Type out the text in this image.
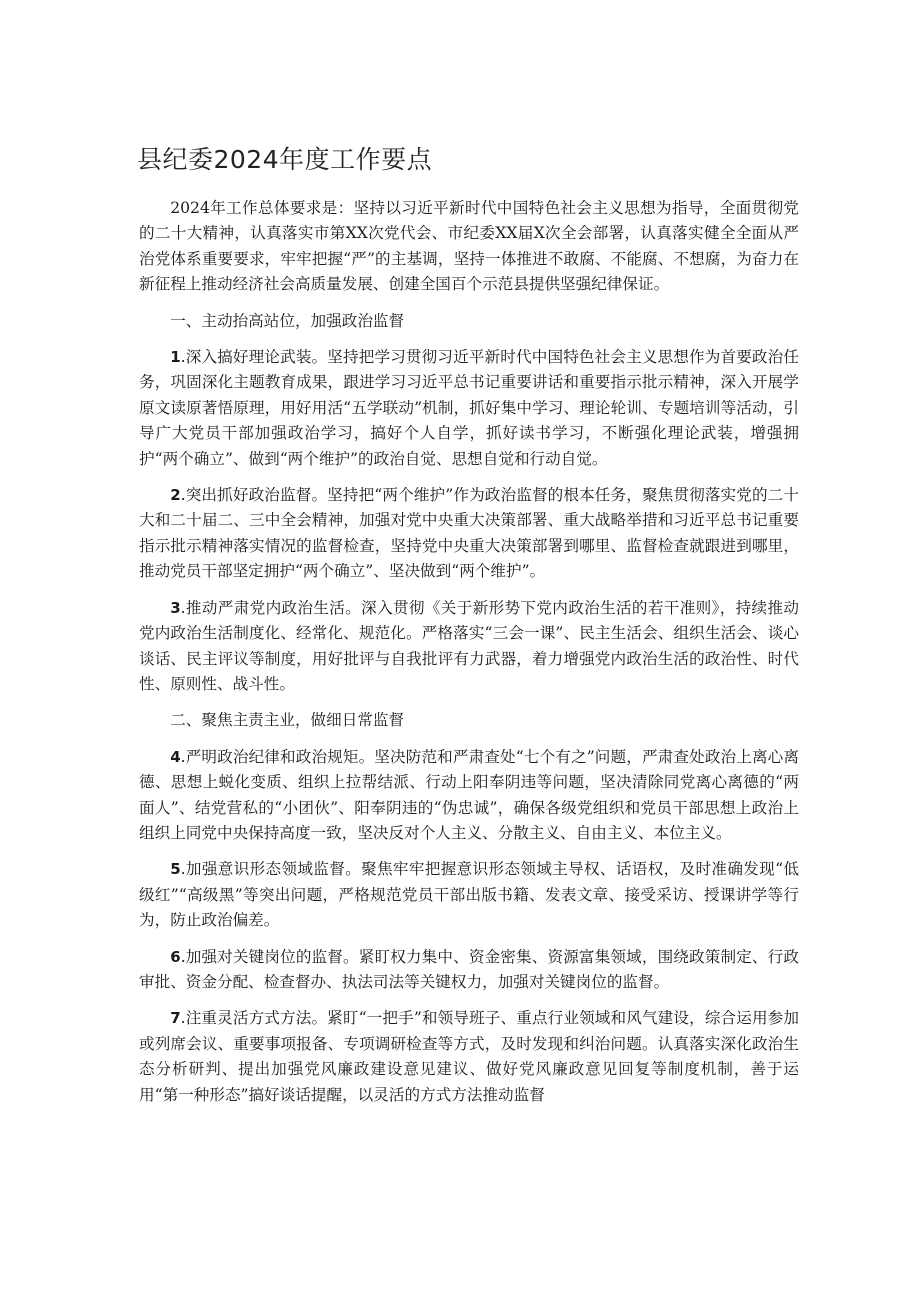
县纪委2024年度工作要点

2024年工作总体要求是：坚持以习近平新时代中国特色社会主义思想为指导，全面贯彻党的二十大精神，认真落实市第XX次党代会、市纪委XX届X次全会部署，认真落实健全全面从严治党体系重要要求，牢牢把握“严”的主基调，坚持一体推进不敢腐、不能腐、不想腐，为奋力在新征程上推动经济社会高质量发展、创建全国百个示范县提供坚强纪律保证。

一、主动抬高站位，加强政治监督

1.深入搞好理论武装。坚持把学习贯彻习近平新时代中国特色社会主义思想作为首要政治任务，巩固深化主题教育成果，跟进学习习近平总书记重要讲话和重要指示批示精神，深入开展学原文读原著悟原理，用好用活“五学联动”机制，抓好集中学习、理论轮训、专题培训等活动，引导广大党员干部加强政治学习，搞好个人自学，抓好读书学习，不断强化理论武装，增强拥护“两个确立”、做到“两个维护”的政治自觉、思想自觉和行动自觉。

2.突出抓好政治监督。坚持把“两个维护”作为政治监督的根本任务，聚焦贯彻落实党的二十大和二十届二、三中全会精神，加强对党中央重大决策部署、重大战略举措和习近平总书记重要指示批示精神落实情况的监督检查，坚持党中央重大决策部署到哪里、监督检查就跟进到哪里，推动党员干部坚定拥护“两个确立”、坚决做到“两个维护”。

3.推动严肃党内政治生活。深入贯彻《关于新形势下党内政治生活的若干准则》，持续推动党内政治生活制度化、经常化、规范化。严格落实“三会一课”、民主生活会、组织生活会、谈心谈话、民主评议等制度，用好批评与自我批评有力武器，着力增强党内政治生活的政治性、时代性、原则性、战斗性。

二、聚焦主责主业，做细日常监督

4.严明政治纪律和政治规矩。坚决防范和严肃查处“七个有之”问题，严肃查处政治上离心离德、思想上蜕化变质、组织上拉帮结派、行动上阳奉阴违等问题，坚决清除同党离心离德的“两面人”、结党营私的“小团伙”、阳奉阴违的“伪忠诚”，确保各级党组织和党员干部思想上政治上组织上同党中央保持高度一致，坚决反对个人主义、分散主义、自由主义、本位主义。

5.加强意识形态领域监督。聚焦牢牢把握意识形态领域主导权、话语权，及时准确发现“低级红”“高级黑”等突出问题，严格规范党员干部出版书籍、发表文章、接受采访、授课讲学等行为，防止政治偏差。

6.加强对关键岗位的监督。紧盯权力集中、资金密集、资源富集领域，围绕政策制定、行政审批、资金分配、检查督办、执法司法等关键权力，加强对关键岗位的监督。

7.注重灵活方式方法。紧盯“一把手”和领导班子、重点行业领域和风气建设，综合运用参加或列席会议、重要事项报备、专项调研检查等方式，及时发现和纠治问题。认真落实深化政治生态分析研判、提出加强党风廉政建设意见建议、做好党风廉政意见回复等制度机制，善于运用“第一种形态”搞好谈话提醒，以灵活的方式方法推动监督
